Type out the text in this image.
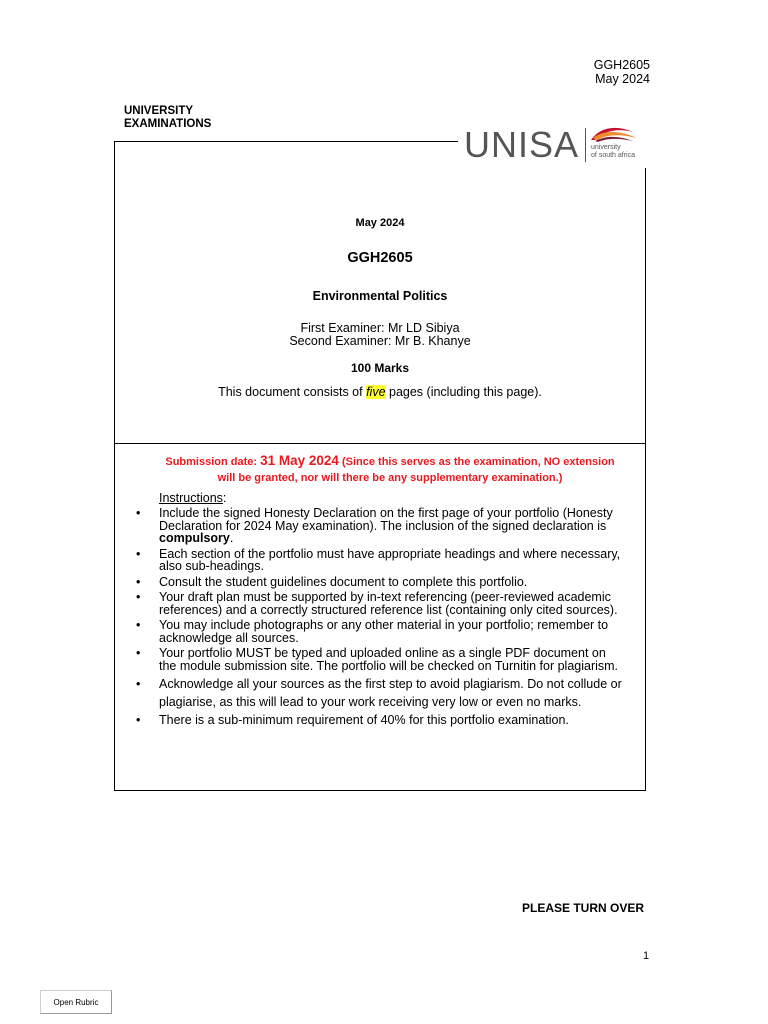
GGH2605
May 2024
UNIVERSITY
EXAMINATIONS	UNISA university
of south africa
May 2024
GGH2605
Environmental Politics
First Examiner: Mr LD Sibiya
Second Examiner: Mr B. Khanye
100 Marks
This document consists of five pages (including this page).
Submission date: 31 May 2024 (Since this serves as the examination, NO extension will be granted, nor will there be any supplementary examination.)
Instructions:
• Include the signed Honesty Declaration on the first page of your portfolio (Honesty Declaration for 2024 May examination). The inclusion of the signed declaration is compulsory.
• Each section of the portfolio must have appropriate headings and where necessary, also sub-headings.
• Consult the student guidelines document to complete this portfolio.
• Your draft plan must be supported by in-text referencing (peer-reviewed academic references) and a correctly structured reference list (containing only cited sources).
• You may include photographs or any other material in your portfolio; remember to acknowledge all sources.
• Your portfolio MUST be typed and uploaded online as a single PDF document on the module submission site. The portfolio will be checked on Turnitin for plagiarism.
• Acknowledge all your sources as the first step to avoid plagiarism. Do not collude or plagiarise, as this will lead to your work receiving very low or even no marks.
• There is a sub-minimum requirement of 40% for this portfolio examination.
PLEASE TURN OVER
1
Open Rubric
